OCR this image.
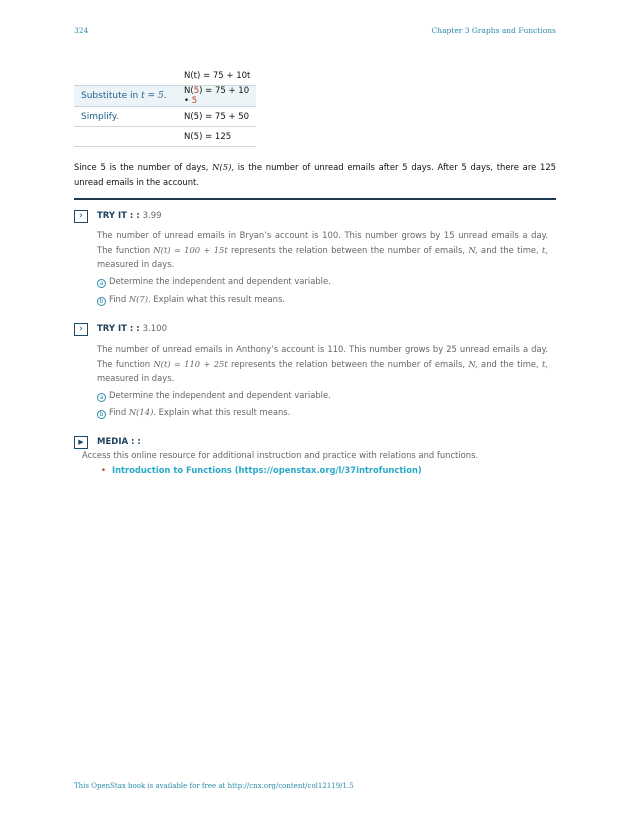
324	Chapter 3 Graphs and Functions
	N(t) = 75 + 10t
Substitute in t = 5.	N(5) = 75 + 10 • 5
Simplify.	N(5) = 75 + 50
	N(5) = 125
Since 5 is the number of days, N(5), is the number of unread emails after 5 days. After 5 days, there are 125 unread emails in the account.
›	TRY IT : : 3.99
The number of unread emails in Bryan’s account is 100. This number grows by 15 unread emails a day. The function N(t) = 100 + 15t represents the relation between the number of emails, N, and the time, t, measured in days.
a Determine the independent and dependent variable.
b Find N(7). Explain what this result means.
›	TRY IT : : 3.100
The number of unread emails in Anthony’s account is 110. This number grows by 25 unread emails a day. The function N(t) = 110 + 25t represents the relation between the number of emails, N, and the time, t, measured in days.
a Determine the independent and dependent variable.
b Find N(14). Explain what this result means.
▶	MEDIA : :
Access this online resource for additional instruction and practice with relations and functions.
• Introduction to Functions (https://openstax.org/l/37introfunction)
This OpenStax book is available for free at http://cnx.org/content/col12119/1.5
